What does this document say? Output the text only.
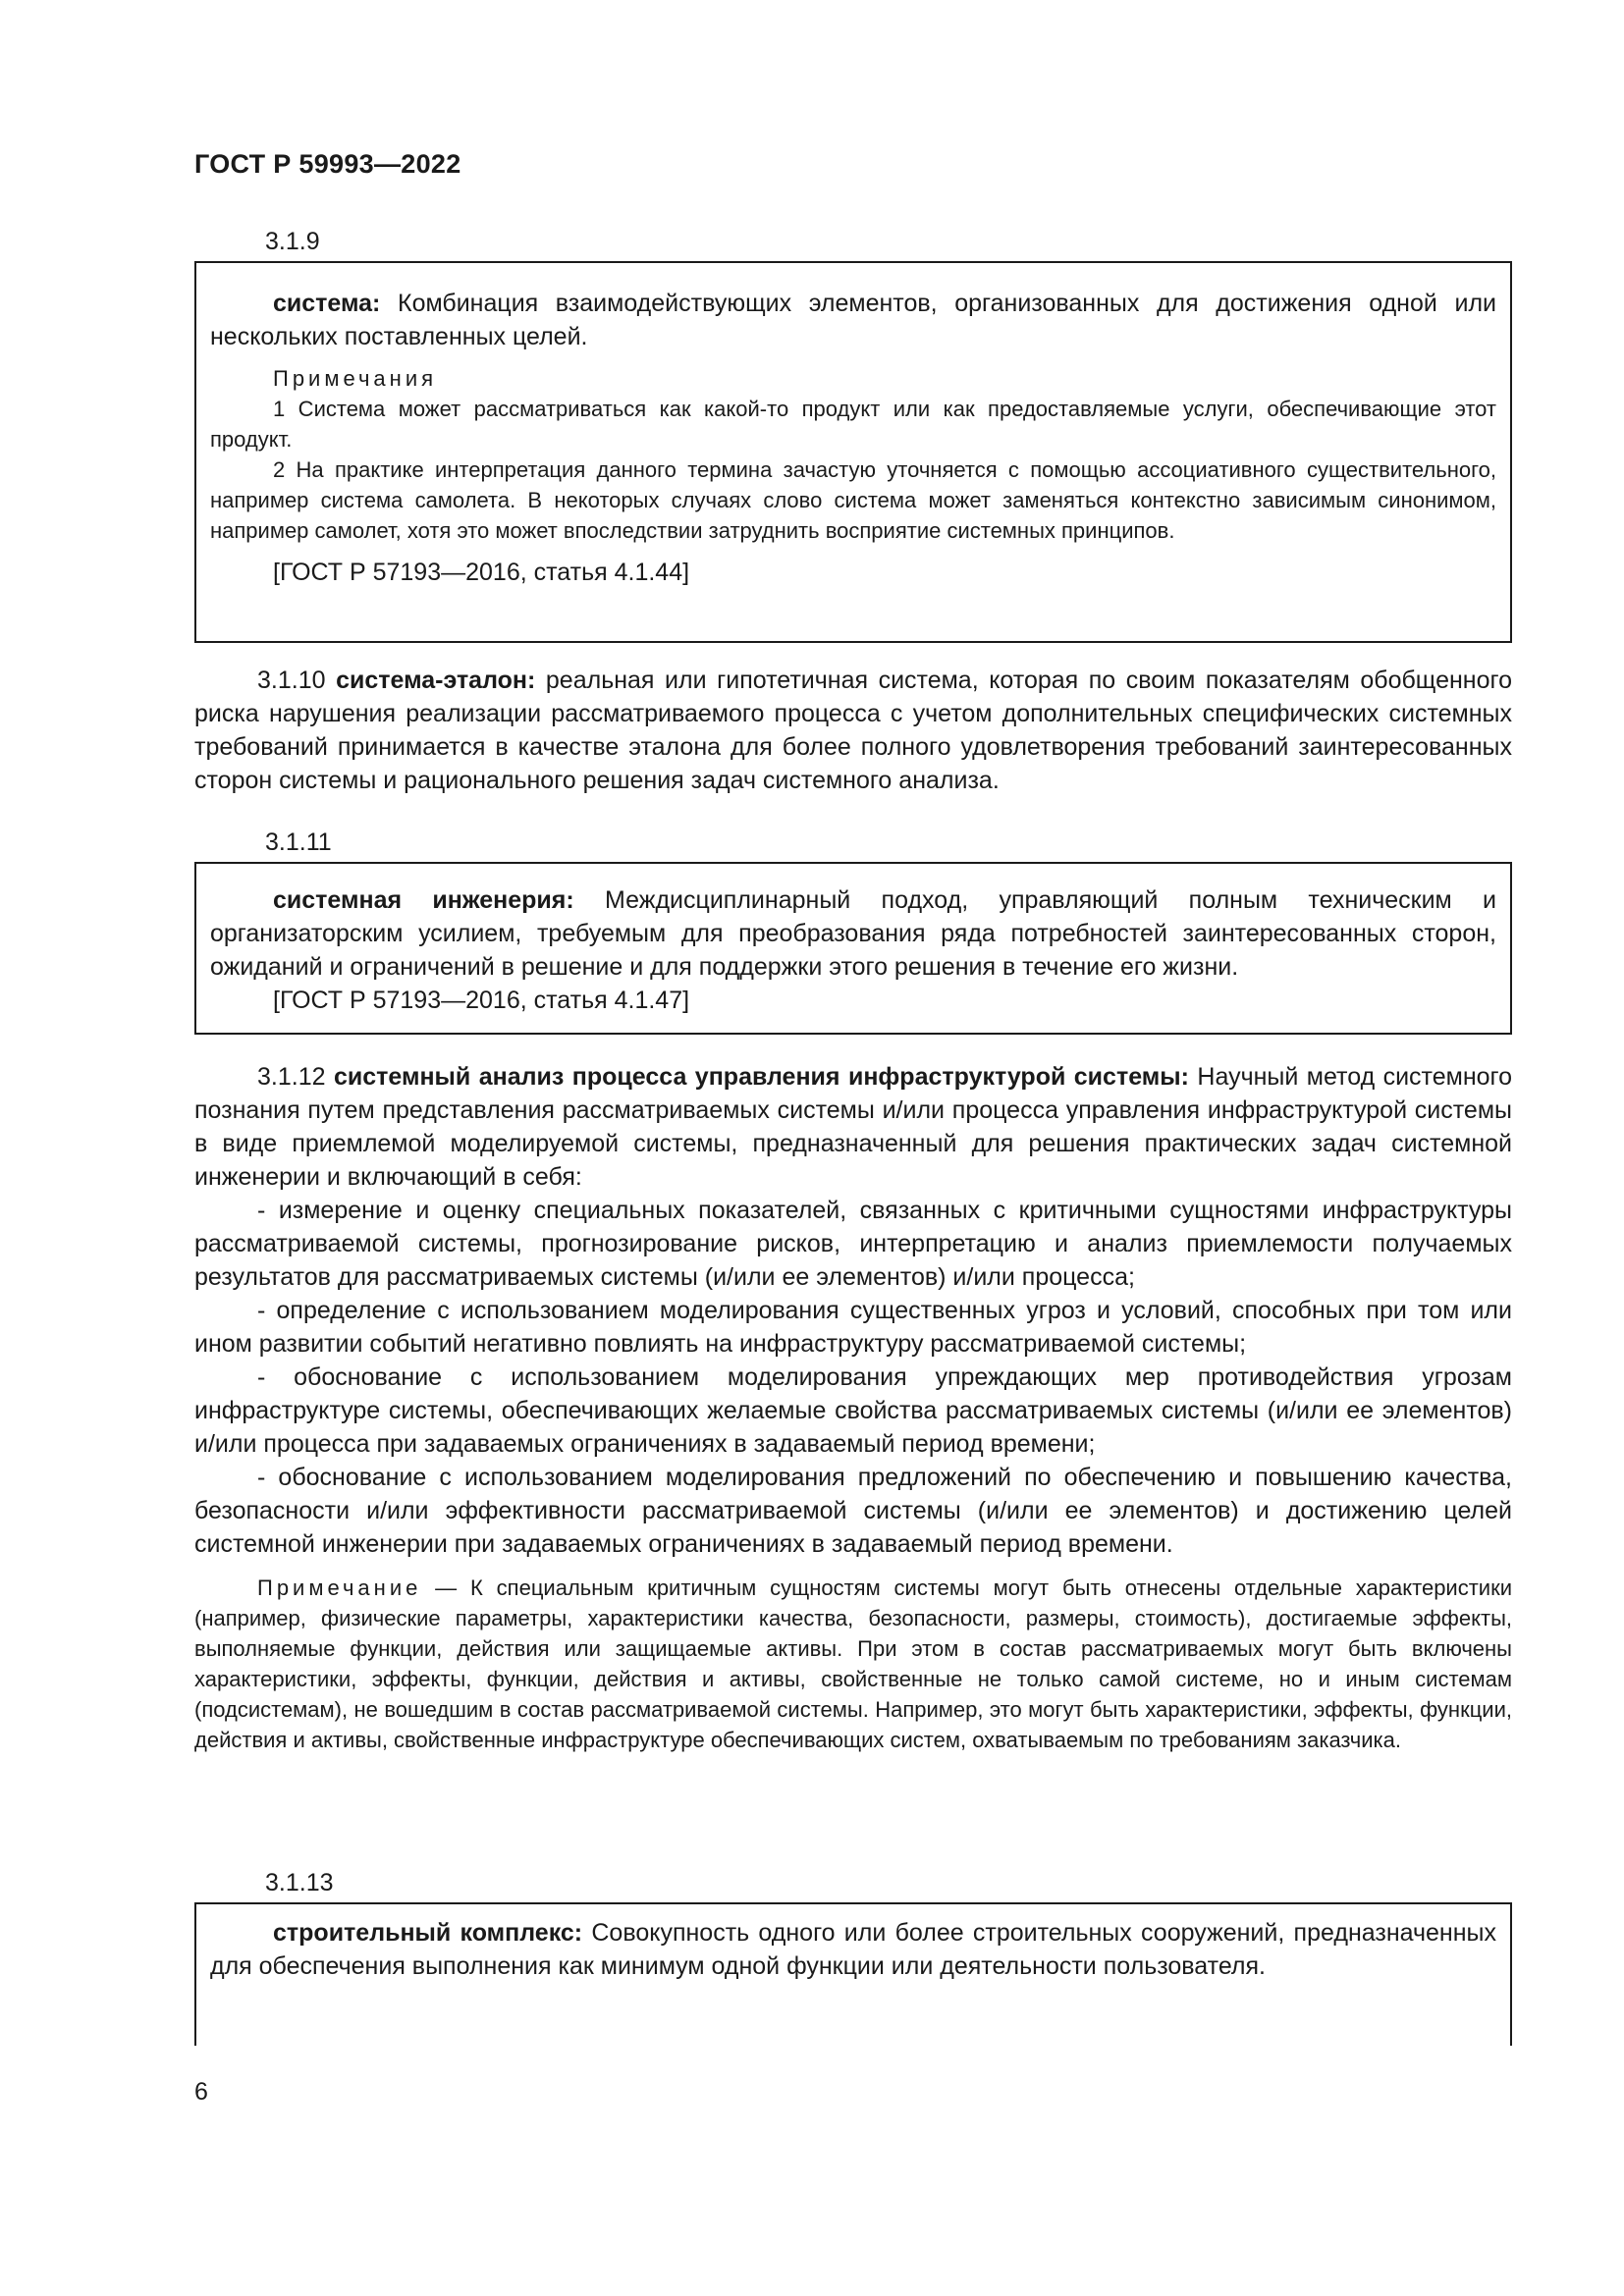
ГОСТ Р 59993—2022
3.1.9

система: Комбинация взаимодействующих элементов, организованных для достижения одной или нескольких поставленных целей.

Примечания

1 Система может рассматриваться как какой-то продукт или как предоставляемые услуги, обеспечивающие этот продукт.

2 На практике интерпретация данного термина зачастую уточняется с помощью ассоциативного существительного, например система самолета. В некоторых случаях слово система может заменяться контекстно зависимым синонимом, например самолет, хотя это может впоследствии затруднить восприятие системных принципов.

[ГОСТ Р 57193—2016, статья 4.1.44]

3.1.10 система-эталон: реальная или гипотетичная система, которая по своим показателям обобщенного риска нарушения реализации рассматриваемого процесса с учетом дополнительных специфических системных требований принимается в качестве эталона для более полного удовлетворения требований заинтересованных сторон системы и рационального решения задач системного анализа.

3.1.11

системная инженерия: Междисциплинарный подход, управляющий полным техническим и организаторским усилием, требуемым для преобразования ряда потребностей заинтересованных сторон, ожиданий и ограничений в решение и для поддержки этого решения в течение его жизни.

[ГОСТ Р 57193—2016, статья 4.1.47]

3.1.12 системный анализ процесса управления инфраструктурой системы: Научный метод системного познания путем представления рассматриваемых системы и/или процесса управления инфраструктурой системы в виде приемлемой моделируемой системы, предназначенный для решения практических задач системной инженерии и включающий в себя:

- измерение и оценку специальных показателей, связанных с критичными сущностями инфраструктуры рассматриваемой системы, прогнозирование рисков, интерпретацию и анализ приемлемости получаемых результатов для рассматриваемых системы (и/или ее элементов) и/или процесса;

- определение с использованием моделирования существенных угроз и условий, способных при том или ином развитии событий негативно повлиять на инфраструктуру рассматриваемой системы;

- обоснование с использованием моделирования упреждающих мер противодействия угрозам инфраструктуре системы, обеспечивающих желаемые свойства рассматриваемых системы (и/или ее элементов) и/или процесса при задаваемых ограничениях в задаваемый период времени;

- обоснование с использованием моделирования предложений по обеспечению и повышению качества, безопасности и/или эффективности рассматриваемой системы (и/или ее элементов) и достижению целей системной инженерии при задаваемых ограничениях в задаваемый период времени.

Примечание — К специальным критичным сущностям системы могут быть отнесены отдельные характеристики (например, физические параметры, характеристики качества, безопасности, размеры, стоимость), достигаемые эффекты, выполняемые функции, действия или защищаемые активы. При этом в состав рассматриваемых могут быть включены характеристики, эффекты, функции, действия и активы, свойственные не только самой системе, но и иным системам (подсистемам), не вошедшим в состав рассматриваемой системы. Например, это могут быть характеристики, эффекты, функции, действия и активы, свойственные инфраструктуре обеспечивающих систем, охватываемым по требованиям заказчика.

3.1.13

строительный комплекс: Совокупность одного или более строительных сооружений, предназначенных для обеспечения выполнения как минимум одной функции или деятельности пользователя.

6
